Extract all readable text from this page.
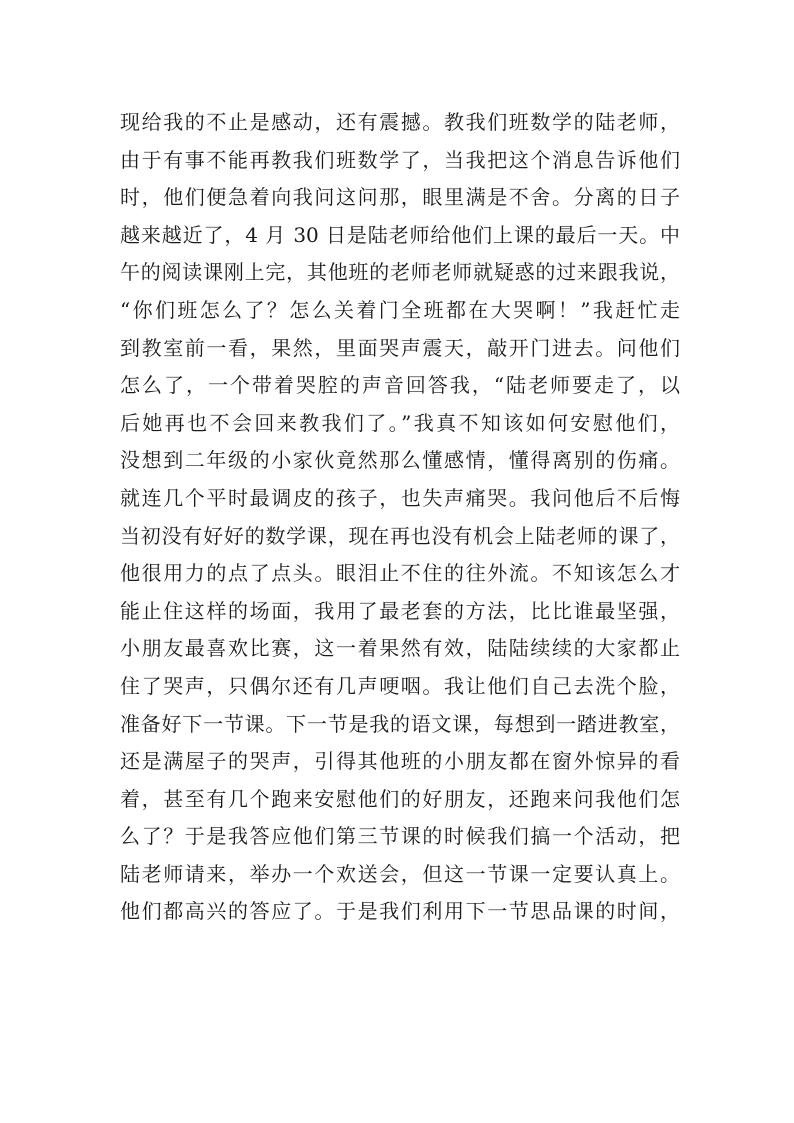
现给我的不止是感动，还有震撼。教我们班数学的陆老师，
由于有事不能再教我们班数学了，当我把这个消息告诉他们
时，他们便急着向我问这问那，眼里满是不舍。分离的日子
越来越近了，4 月 30 日是陆老师给他们上课的最后一天。中
午的阅读课刚上完，其他班的老师老师就疑惑的过来跟我说，
“你们班怎么了？怎么关着门全班都在大哭啊！”我赶忙走
到教室前一看，果然，里面哭声震天，敲开门进去。问他们
怎么了，一个带着哭腔的声音回答我，“陆老师要走了，以
后她再也不会回来教我们了。”我真不知该如何安慰他们，
没想到二年级的小家伙竟然那么懂感情，懂得离别的伤痛。
就连几个平时最调皮的孩子，也失声痛哭。我问他后不后悔
当初没有好好的数学课，现在再也没有机会上陆老师的课了，
他很用力的点了点头。眼泪止不住的往外流。不知该怎么才
能止住这样的场面，我用了最老套的方法，比比谁最坚强，
小朋友最喜欢比赛，这一着果然有效，陆陆续续的大家都止
住了哭声，只偶尔还有几声哽咽。我让他们自己去洗个脸，
准备好下一节课。下一节是我的语文课，每想到一踏进教室，
还是满屋子的哭声，引得其他班的小朋友都在窗外惊异的看
着，甚至有几个跑来安慰他们的好朋友，还跑来问我他们怎
么了？于是我答应他们第三节课的时候我们搞一个活动，把
陆老师请来，举办一个欢送会，但这一节课一定要认真上。
他们都高兴的答应了。于是我们利用下一节思品课的时间，
